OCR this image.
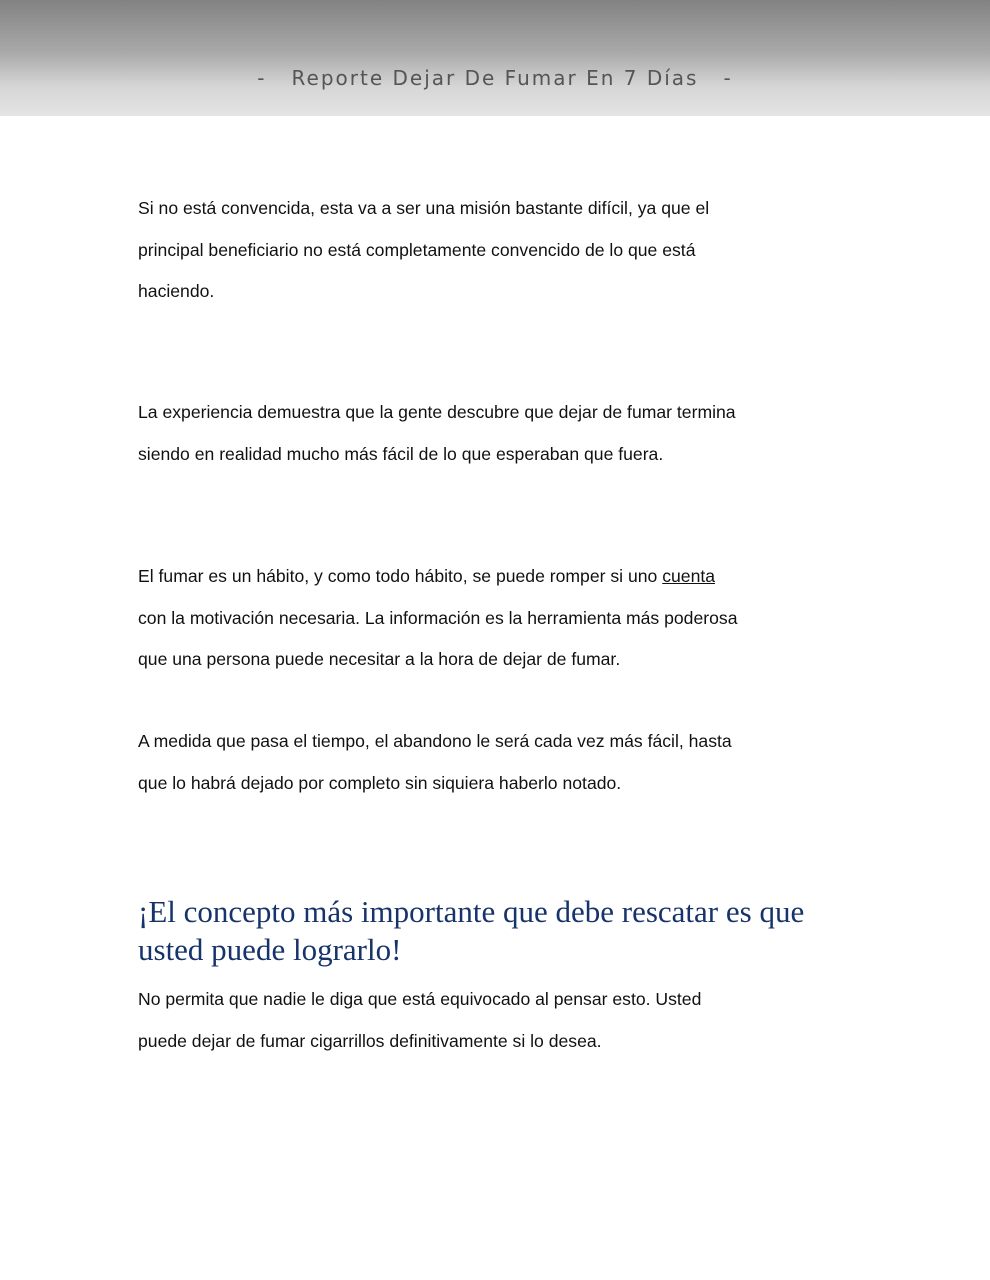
-   Reporte Dejar De Fumar En 7 Días   -
Si no está convencida, esta va a ser una misión bastante difícil, ya que el
principal beneficiario no está completamente convencido de lo que está
haciendo.
La experiencia demuestra que la gente descubre que dejar de fumar termina
siendo en realidad mucho más fácil de lo que esperaban que fuera.
El fumar es un hábito, y como todo hábito, se puede romper si uno cuenta
con la motivación necesaria. La información es la herramienta más poderosa
que una persona puede necesitar a la hora de dejar de fumar.
A medida que pasa el tiempo, el abandono le será cada vez más fácil, hasta
que lo habrá dejado por completo sin siquiera haberlo notado.
¡El concepto más importante que debe rescatar es que
usted puede lograrlo!
No permita que nadie le diga que está equivocado al pensar esto. Usted
puede dejar de fumar cigarrillos definitivamente si lo desea.
